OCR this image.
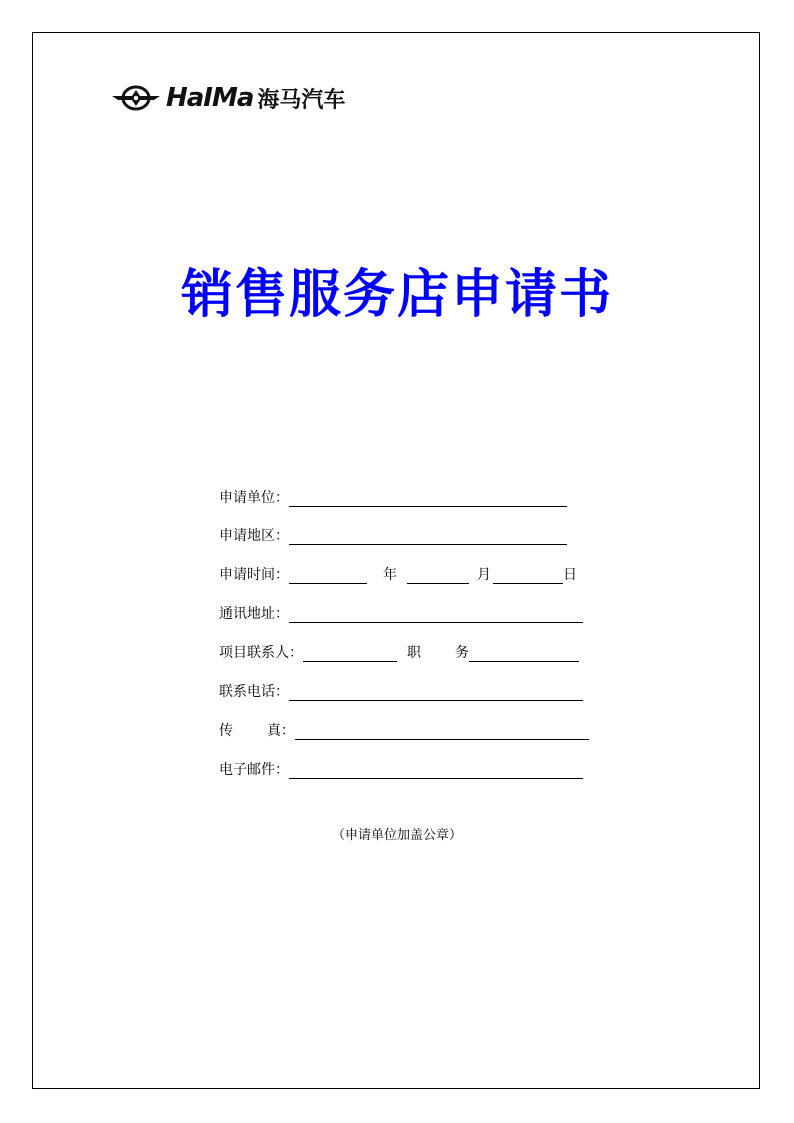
HaIMa 海马汽车
销售服务店申请书
申请单位：
申请地区：
申请时间：	年	月	日
通讯地址：
项目联系人：	职 务
联系电话：
传 真：
电子邮件：
（申请单位加盖公章）
